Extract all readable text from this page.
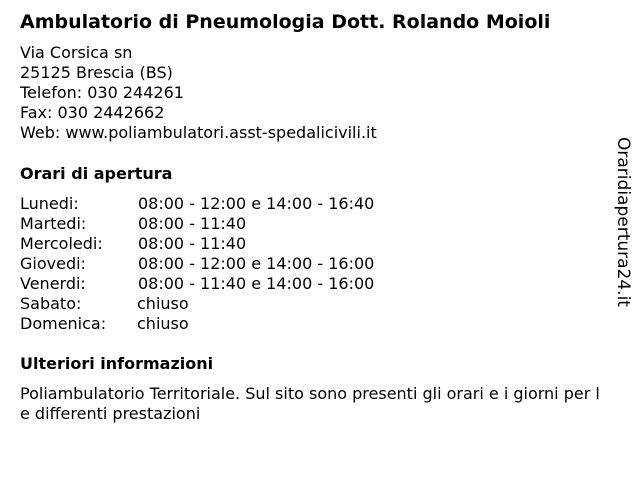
Ambulatorio di Pneumologia Dott. Rolando Moioli
Via Corsica sn
25125 Brescia (BS)
Telefon: 030 244261
Fax: 030 2442662
Web: www.poliambulatori.asst-spedalicivili.it
Orari di apertura
Lunedi:	08:00 - 12:00 e 14:00 - 16:40
Martedi:	08:00 - 11:40
Mercoledi: 08:00 - 11:40
Giovedi:	08:00 - 12:00 e 14:00 - 16:00
Venerdi:	08:00 - 11:40 e 14:00 - 16:00
Sabato:	chiuso
Domenica: chiuso
Ulteriori informazioni
Poliambulatorio Territoriale. Sul sito sono presenti gli orari e i giorni per le differenti prestazioni
Oraridiapertura24.it
